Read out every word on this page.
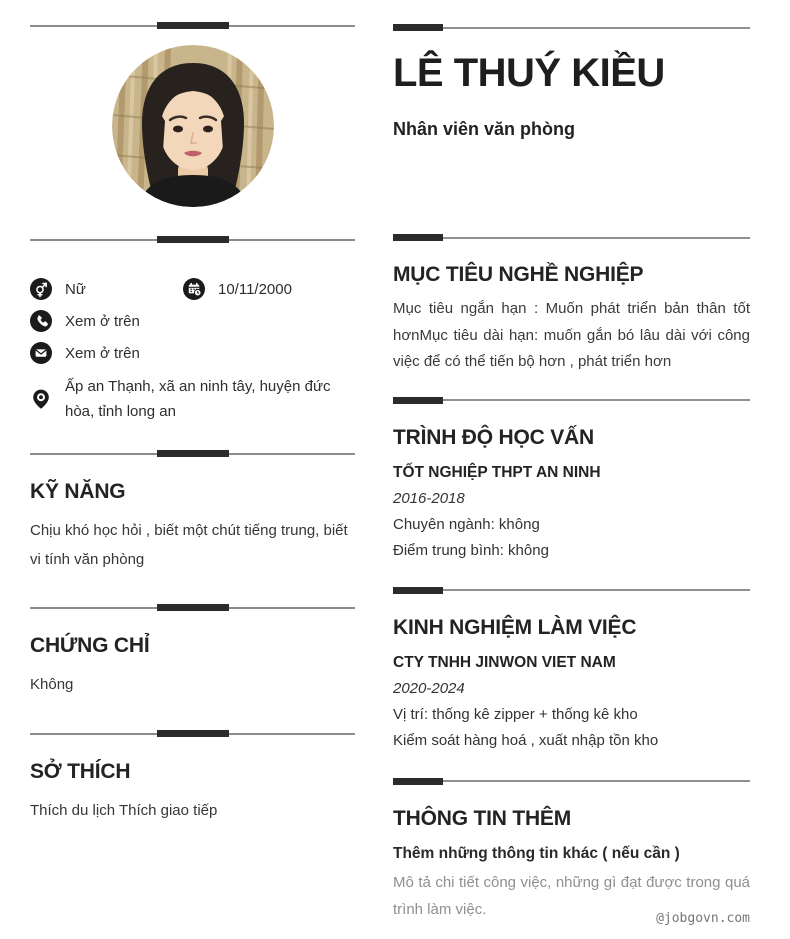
Nữ	10/11/2000
Xem ở trên
Xem ở trên
Ấp an Thạnh, xã an ninh tây, huyện đức hòa, tỉnh long an
KỸ NĂNG
Chịu khó học hỏi , biết một chút tiếng trung, biết vi tính văn phòng
CHỨNG CHỈ
Không
SỞ THÍCH
Thích du lịch Thích giao tiếp
LÊ THUÝ KIỀU
Nhân viên văn phòng
MỤC TIÊU NGHỀ NGHIỆP
Mục tiêu ngắn hạn : Muốn phát triển bản thân tốt hơnMục tiêu dài hạn: muốn gắn bó lâu dài với công việc để có thể tiến bộ hơn , phát triển hơn
TRÌNH ĐỘ HỌC VẤN
TỐT NGHIỆP THPT AN NINH
2016-2018
Chuyên ngành: không
Điểm trung bình: không
KINH NGHIỆM LÀM VIỆC
CTY TNHH JINWON VIET NAM
2020-2024
Vị trí: thống kê zipper + thống kê kho
Kiểm soát hàng hoá , xuất nhập tồn kho
THÔNG TIN THÊM
Thêm những thông tin khác ( nếu cần )
Mô tả chi tiết công việc, những gì đạt được trong quá trình làm việc.
@jobgovn.com
